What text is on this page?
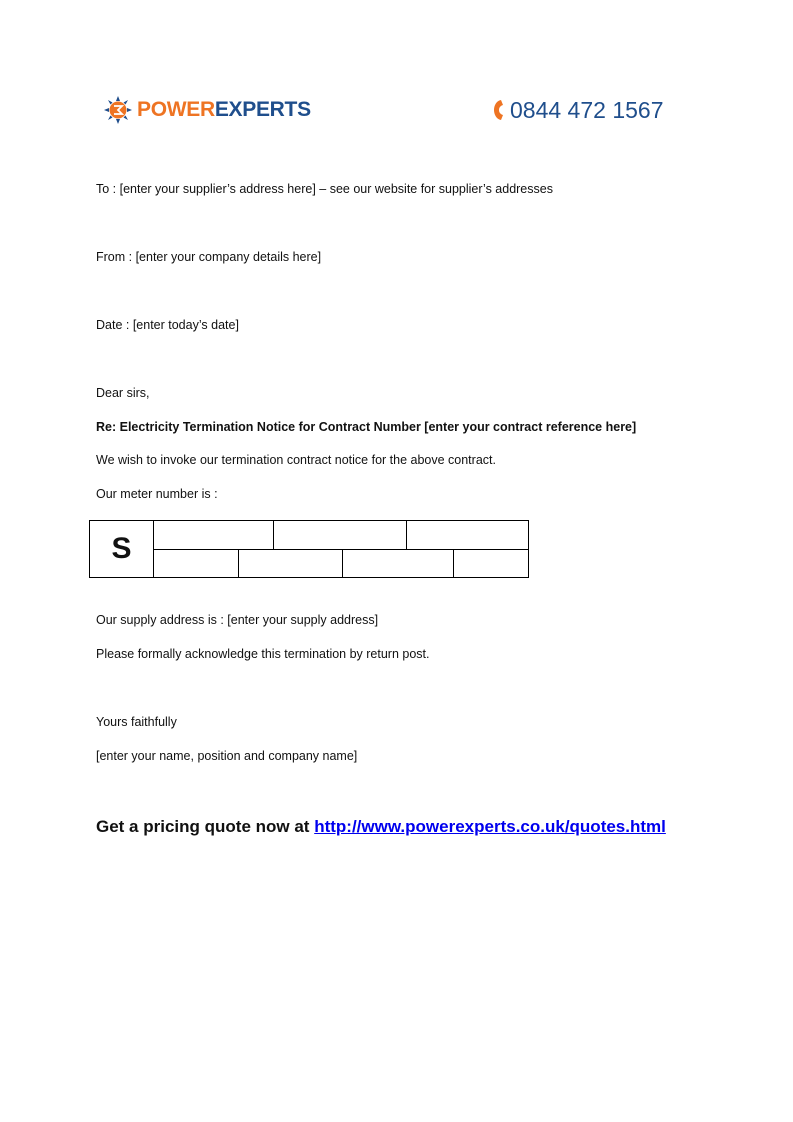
POWEREXPERTS	0844 472 1567
To : [enter your supplier’s address here] – see our website for supplier’s addresses
From : [enter your company details here]
Date : [enter today’s date]
Dear sirs,
Re: Electricity Termination Notice for Contract Number [enter your contract reference here]
We wish to invoke our termination contract notice for the above contract.
Our meter number is :
S
Our supply address is : [enter your supply address]
Please formally acknowledge this termination by return post.
Yours faithfully
[enter your name, position and company name]
Get a pricing quote now at http://www.powerexperts.co.uk/quotes.html
